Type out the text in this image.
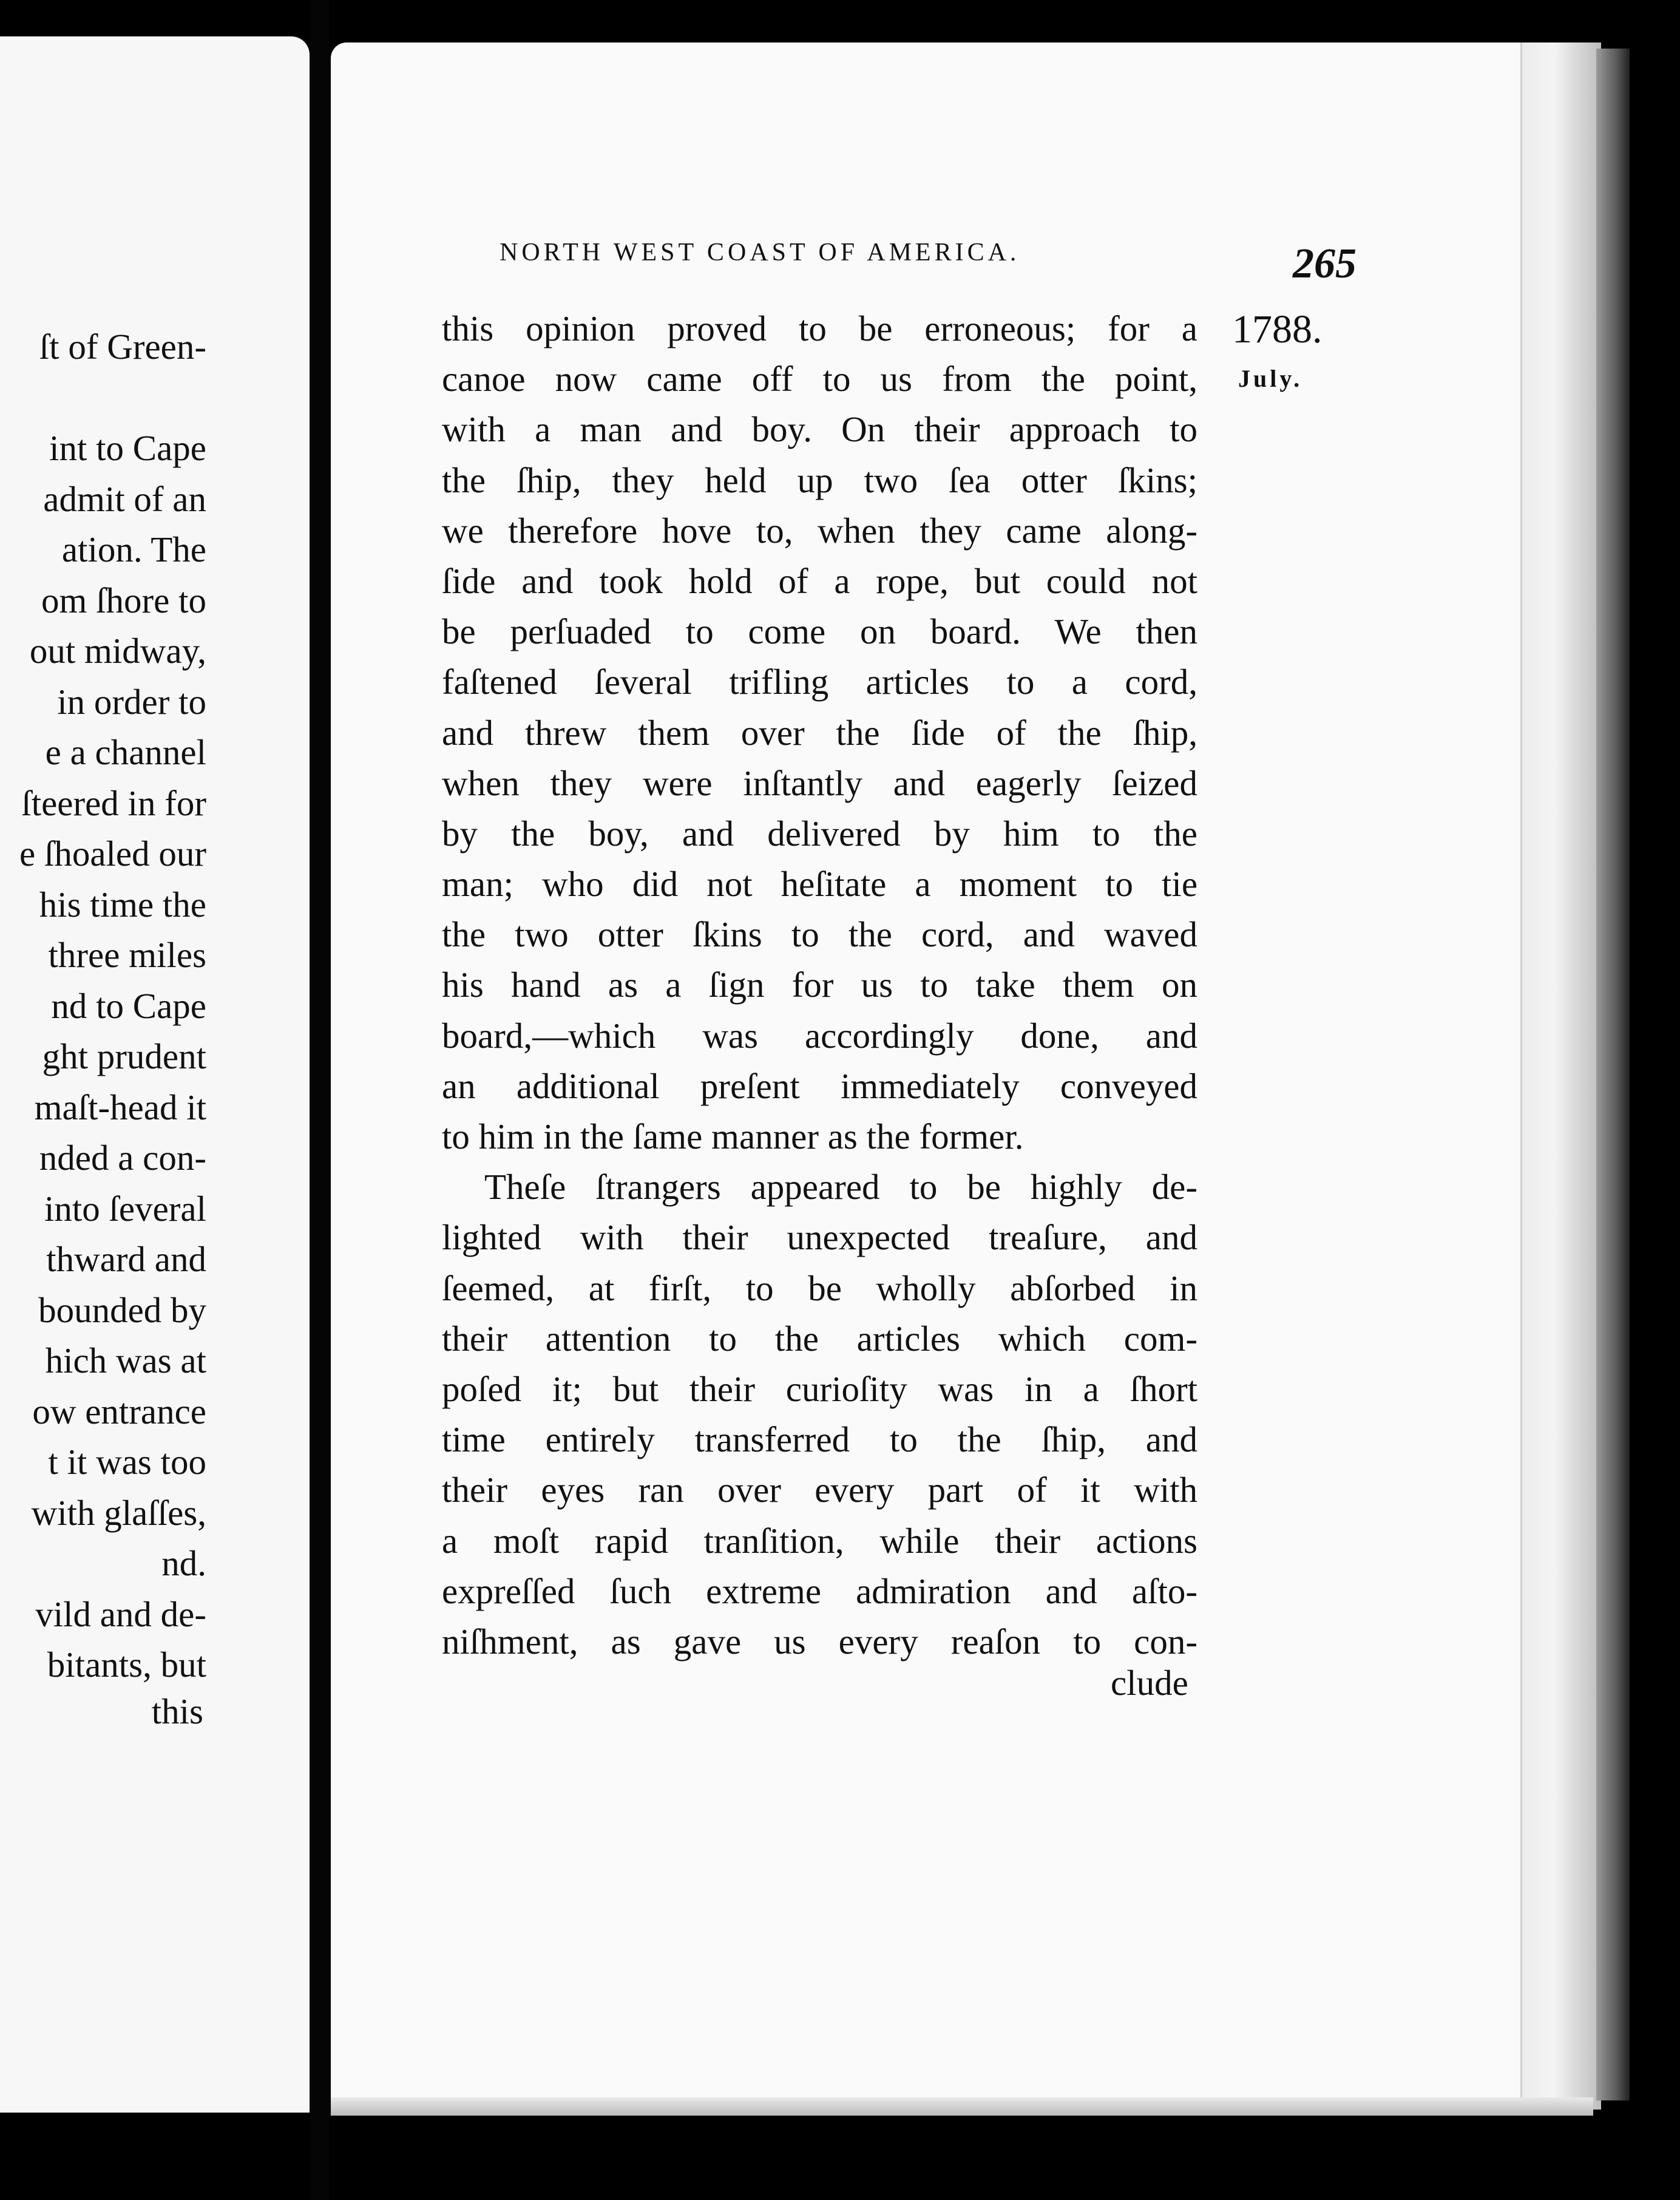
ſt of Green-
int to Cape
admit of an
ation. The
om ſhore to
out midway,
in order to
e a channel
ſteered in for
e ſhoaled our
his time the
three miles
nd to Cape
ght prudent
maſt-head it
nded a con-
into ſeveral
thward and
bounded by
hich was at
ow entrance
t it was too
with glaſſes,
nd.
vild and de-
bitants, but
this
NORTH WEST COAST OF AMERICA.	265
1788.
July.
this opinion proved to be erroneous; for a
canoe now came off to us from the point,
with a man and boy. On their approach to
the ſhip, they held up two ſea otter ſkins;
we therefore hove to, when they came along-
ſide and took hold of a rope, but could not
be perſuaded to come on board. We then
faſtened ſeveral trifling articles to a cord,
and threw them over the ſide of the ſhip,
when they were inſtantly and eagerly ſeized
by the boy, and delivered by him to the
man; who did not heſitate a moment to tie
the two otter ſkins to the cord, and waved
his hand as a ſign for us to take them on
board,—which was accordingly done, and
an additional preſent immediately conveyed
to him in the ſame manner as the former.
Theſe ſtrangers appeared to be highly de-
lighted with their unexpected treaſure, and
ſeemed, at firſt, to be wholly abſorbed in
their attention to the articles which com-
poſed it; but their curioſity was in a ſhort
time entirely transferred to the ſhip, and
their eyes ran over every part of it with
a moſt rapid tranſition, while their actions
expreſſed ſuch extreme admiration and aſto-
niſhment, as gave us every reaſon to con-
clude
